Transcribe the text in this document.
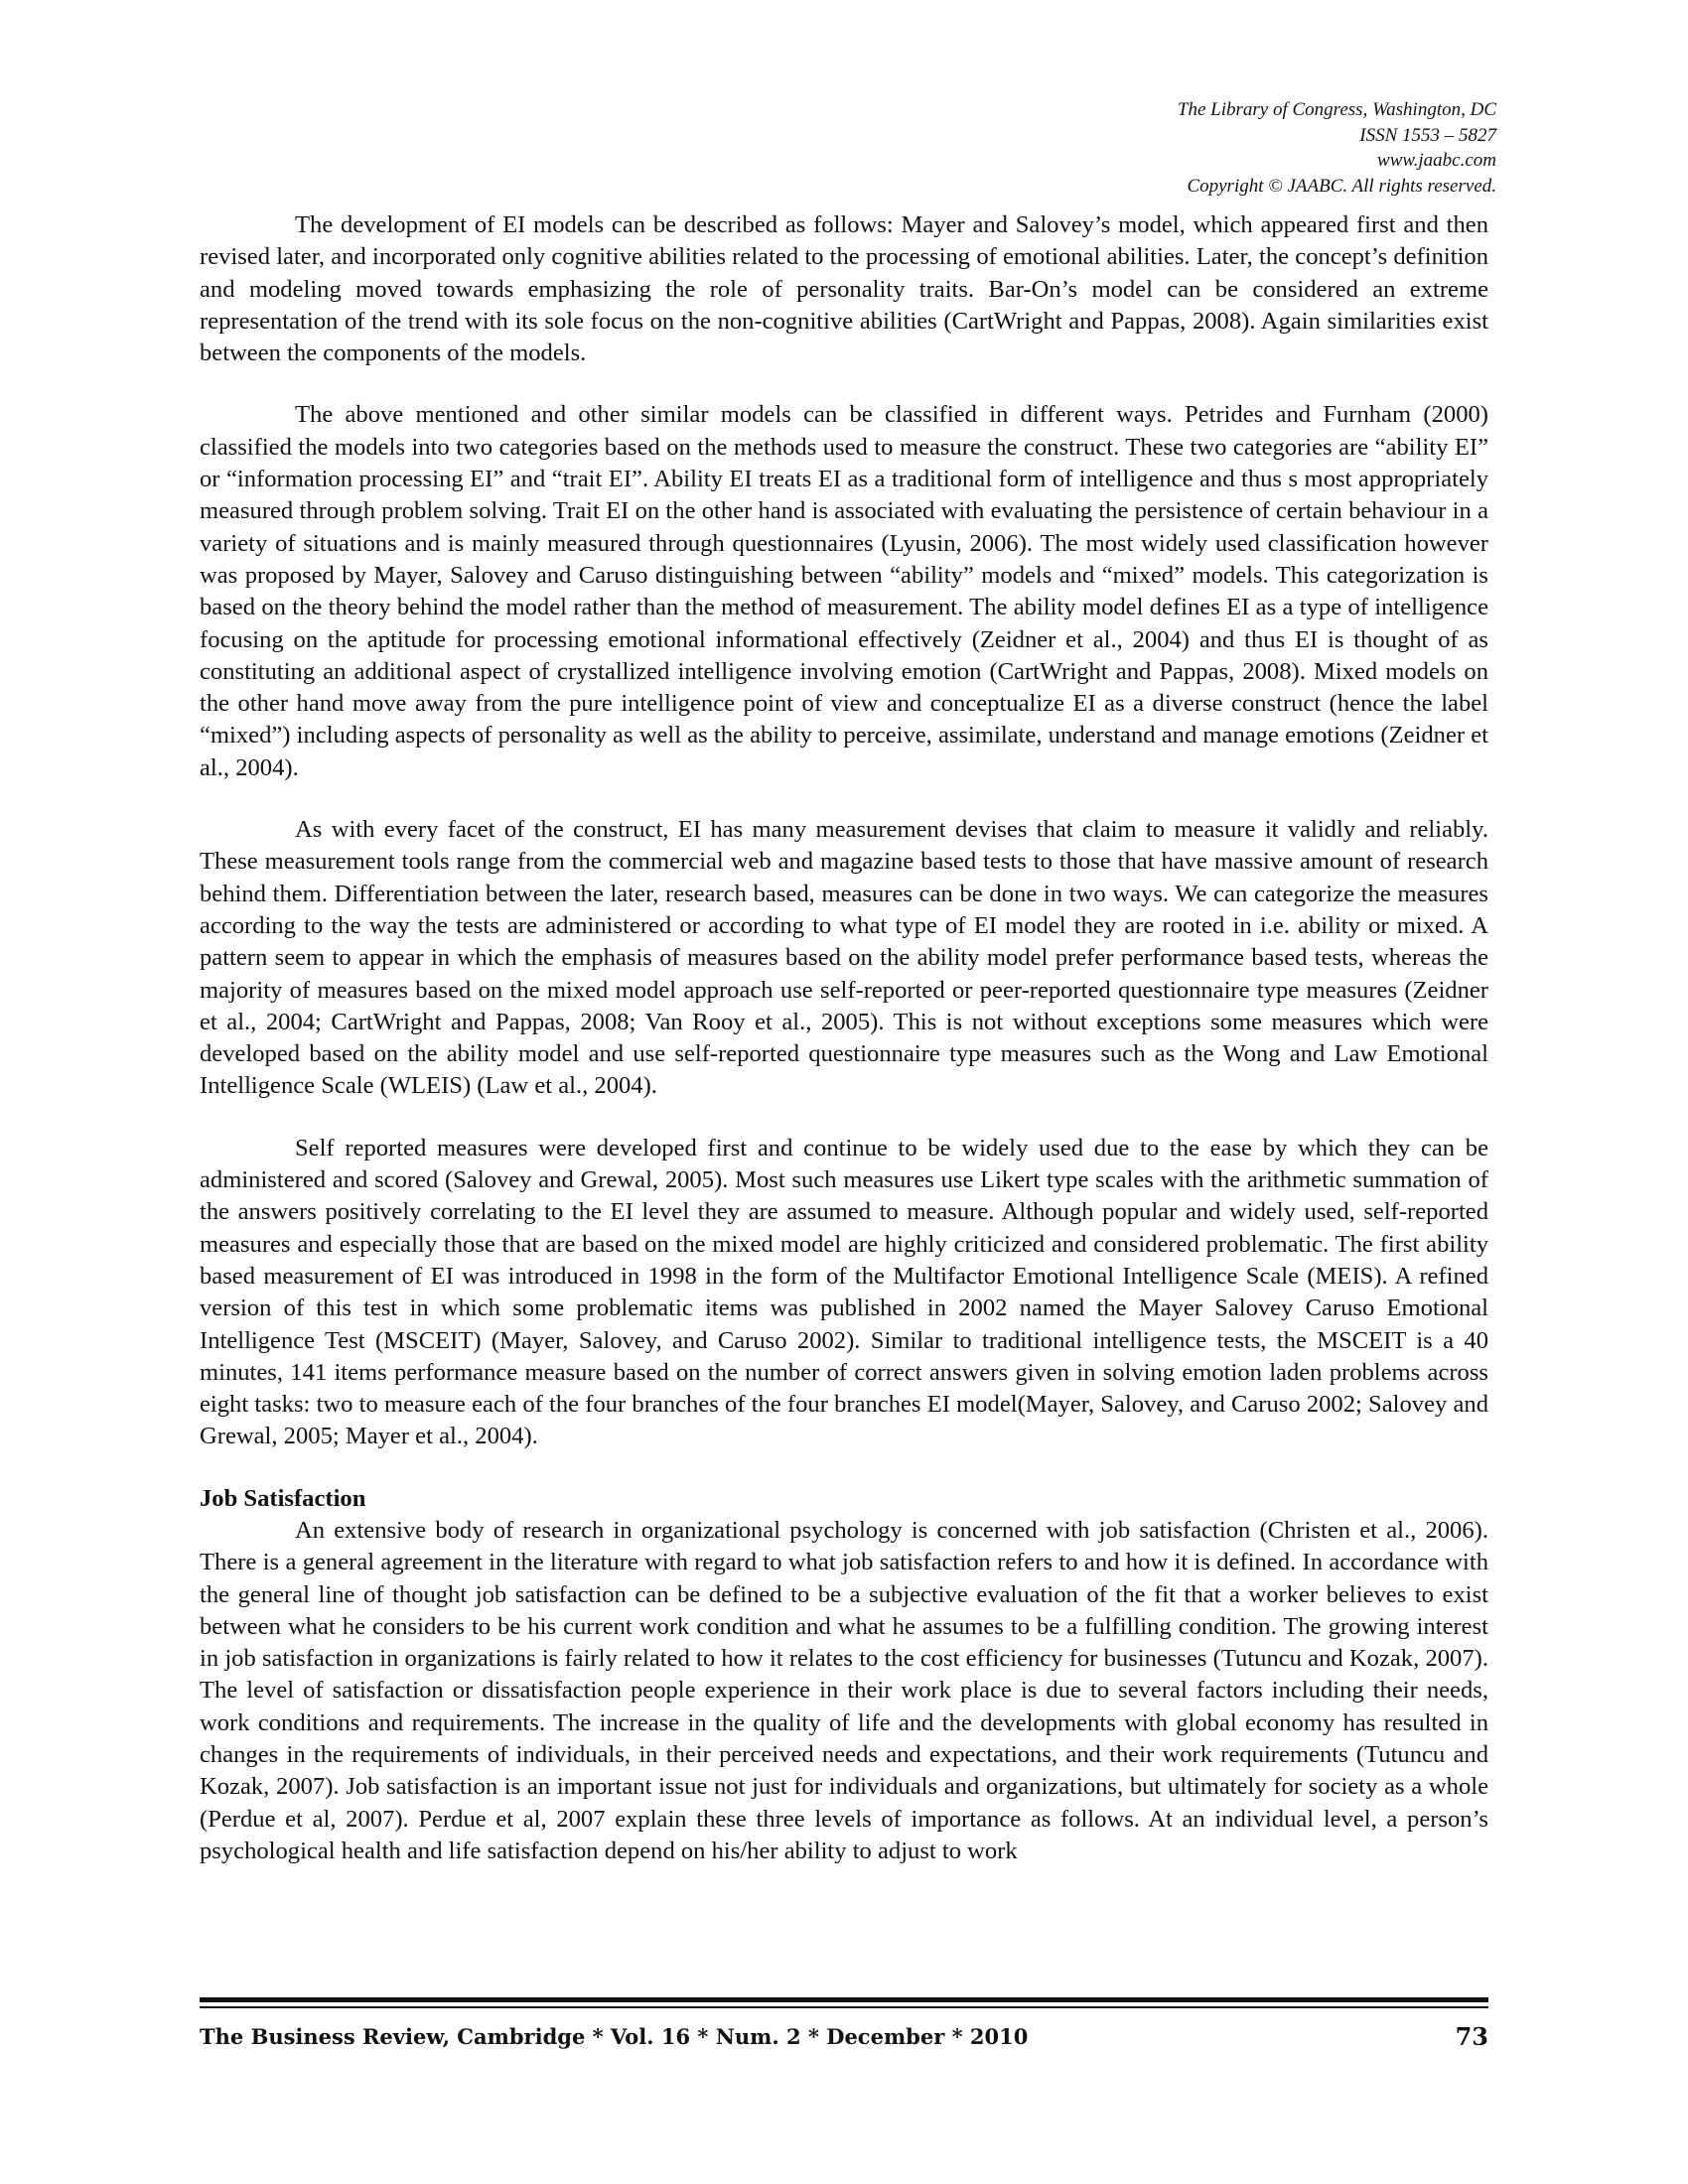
The Library of Congress, Washington, DC
ISSN 1553 – 5827
www.jaabc.com
Copyright © JAABC. All rights reserved.

The development of EI models can be described as follows: Mayer and Salovey’s model, which appeared first and then revised later, and incorporated only cognitive abilities related to the processing of emotional abilities. Later, the concept’s definition and modeling moved towards emphasizing the role of personality traits. Bar-On’s model can be considered an extreme representation of the trend with its sole focus on the non-cognitive abilities (CartWright and Pappas, 2008). Again similarities exist between the components of the models.

The above mentioned and other similar models can be classified in different ways. Petrides and Furnham (2000) classified the models into two categories based on the methods used to measure the construct. These two categories are “ability EI” or “information processing EI” and “trait EI”. Ability EI treats EI as a traditional form of intelligence and thus s most appropriately measured through problem solving. Trait EI on the other hand is associated with evaluating the persistence of certain behaviour in a variety of situations and is mainly measured through questionnaires (Lyusin, 2006). The most widely used classification however was proposed by Mayer, Salovey and Caruso distinguishing between “ability” models and “mixed” models. This categorization is based on the theory behind the model rather than the method of measurement. The ability model defines EI as a type of intelligence focusing on the aptitude for processing emotional informational effectively (Zeidner et al., 2004) and thus EI is thought of as constituting an additional aspect of crystallized intelligence involving emotion (CartWright and Pappas, 2008). Mixed models on the other hand move away from the pure intelligence point of view and conceptualize EI as a diverse construct (hence the label “mixed”) including aspects of personality as well as the ability to perceive, assimilate, understand and manage emotions (Zeidner et al., 2004).

As with every facet of the construct, EI has many measurement devises that claim to measure it validly and reliably. These measurement tools range from the commercial web and magazine based tests to those that have massive amount of research behind them. Differentiation between the later, research based, measures can be done in two ways. We can categorize the measures according to the way the tests are administered or according to what type of EI model they are rooted in i.e. ability or mixed. A pattern seem to appear in which the emphasis of measures based on the ability model prefer performance based tests, whereas the majority of measures based on the mixed model approach use self-reported or peer-reported questionnaire type measures (Zeidner et al., 2004; CartWright and Pappas, 2008; Van Rooy et al., 2005). This is not without exceptions some measures which were developed based on the ability model and use self-reported questionnaire type measures such as the Wong and Law Emotional Intelligence Scale (WLEIS) (Law et al., 2004).

Self reported measures were developed first and continue to be widely used due to the ease by which they can be administered and scored (Salovey and Grewal, 2005). Most such measures use Likert type scales with the arithmetic summation of the answers positively correlating to the EI level they are assumed to measure. Although popular and widely used, self-reported measures and especially those that are based on the mixed model are highly criticized and considered problematic. The first ability based measurement of EI was introduced in 1998 in the form of the Multifactor Emotional Intelligence Scale (MEIS). A refined version of this test in which some problematic items was published in 2002 named the Mayer Salovey Caruso Emotional Intelligence Test (MSCEIT) (Mayer, Salovey, and Caruso 2002). Similar to traditional intelligence tests, the MSCEIT is a 40 minutes, 141 items performance measure based on the number of correct answers given in solving emotion laden problems across eight tasks: two to measure each of the four branches of the four branches EI model(Mayer, Salovey, and Caruso 2002; Salovey and Grewal, 2005; Mayer et al., 2004).

Job Satisfaction

An extensive body of research in organizational psychology is concerned with job satisfaction (Christen et al., 2006). There is a general agreement in the literature with regard to what job satisfaction refers to and how it is defined. In accordance with the general line of thought job satisfaction can be defined to be a subjective evaluation of the fit that a worker believes to exist between what he considers to be his current work condition and what he assumes to be a fulfilling condition. The growing interest in job satisfaction in organizations is fairly related to how it relates to the cost efficiency for businesses (Tutuncu and Kozak, 2007). The level of satisfaction or dissatisfaction people experience in their work place is due to several factors including their needs, work conditions and requirements. The increase in the quality of life and the developments with global economy has resulted in changes in the requirements of individuals, in their perceived needs and expectations, and their work requirements (Tutuncu and Kozak, 2007). Job satisfaction is an important issue not just for individuals and organizations, but ultimately for society as a whole (Perdue et al, 2007). Perdue et al, 2007 explain these three levels of importance as follows. At an individual level, a person’s psychological health and life satisfaction depend on his/her ability to adjust to work

The Business Review, Cambridge * Vol. 16 * Num. 2 * December * 2010	73
